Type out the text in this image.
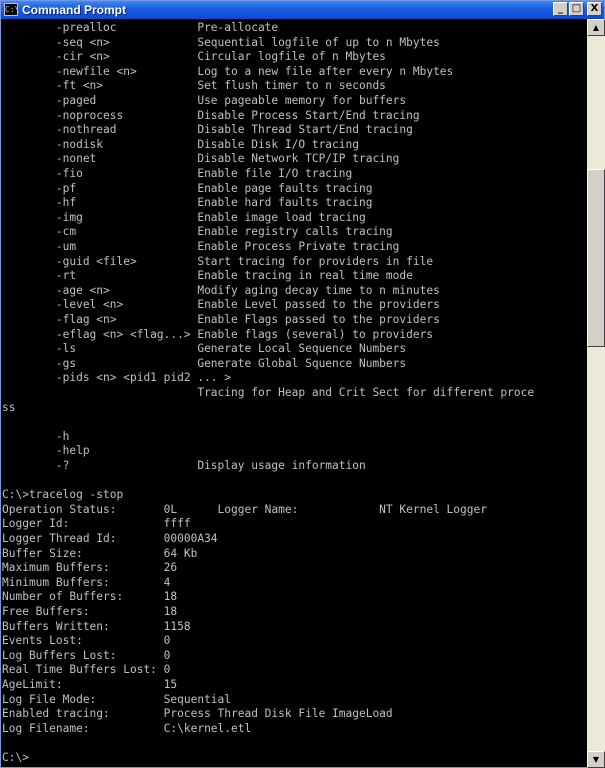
C:\ Command Prompt	_ □ X
-prealloc            Pre-allocate
-seq <n>             Sequential logfile of up to n Mbytes
-cir <n>             Circular logfile of n Mbytes
-newfile <n>         Log to a new file after every n Mbytes
-ft <n>              Set flush timer to n seconds
-paged               Use pageable memory for buffers
-noprocess           Disable Process Start/End tracing
-nothread            Disable Thread Start/End tracing
-nodisk              Disable Disk I/O tracing
-nonet               Disable Network TCP/IP tracing
-fio                 Enable file I/O tracing
-pf                  Enable page faults tracing
-hf                  Enable hard faults tracing
-img                 Enable image load tracing
-cm                  Enable registry calls tracing
-um                  Enable Process Private tracing
-guid <file>         Start tracing for providers in file
-rt                  Enable tracing in real time mode
-age <n>             Modify aging decay time to n minutes
-level <n>           Enable Level passed to the providers
-flag <n>            Enable Flags passed to the providers
-eflag <n> <flag...> Enable flags (several) to providers
-ls                  Generate Local Sequence Numbers
-gs                  Generate Global Squence Numbers
-pids <n> <pid1 pid2 ... >
Tracing for Heap and Crit Sect for different proce
ss
-h
-help
-?                   Display usage information
C:\>tracelog -stop
Operation Status:       0L      Logger Name:            NT Kernel Logger
Logger Id:              ffff
Logger Thread Id:       00000A34
Buffer Size:            64 Kb
Maximum Buffers:        26
Minimum Buffers:        4
Number of Buffers:      18
Free Buffers:           18
Buffers Written:        1158
Events Lost:            0
Log Buffers Lost:       0
Real Time Buffers Lost: 0
AgeLimit:               15
Log File Mode:          Sequential
Enabled tracing:        Process Thread Disk File ImageLoad
Log Filename:           C:\kernel.etl
C:\>
▲
▼
